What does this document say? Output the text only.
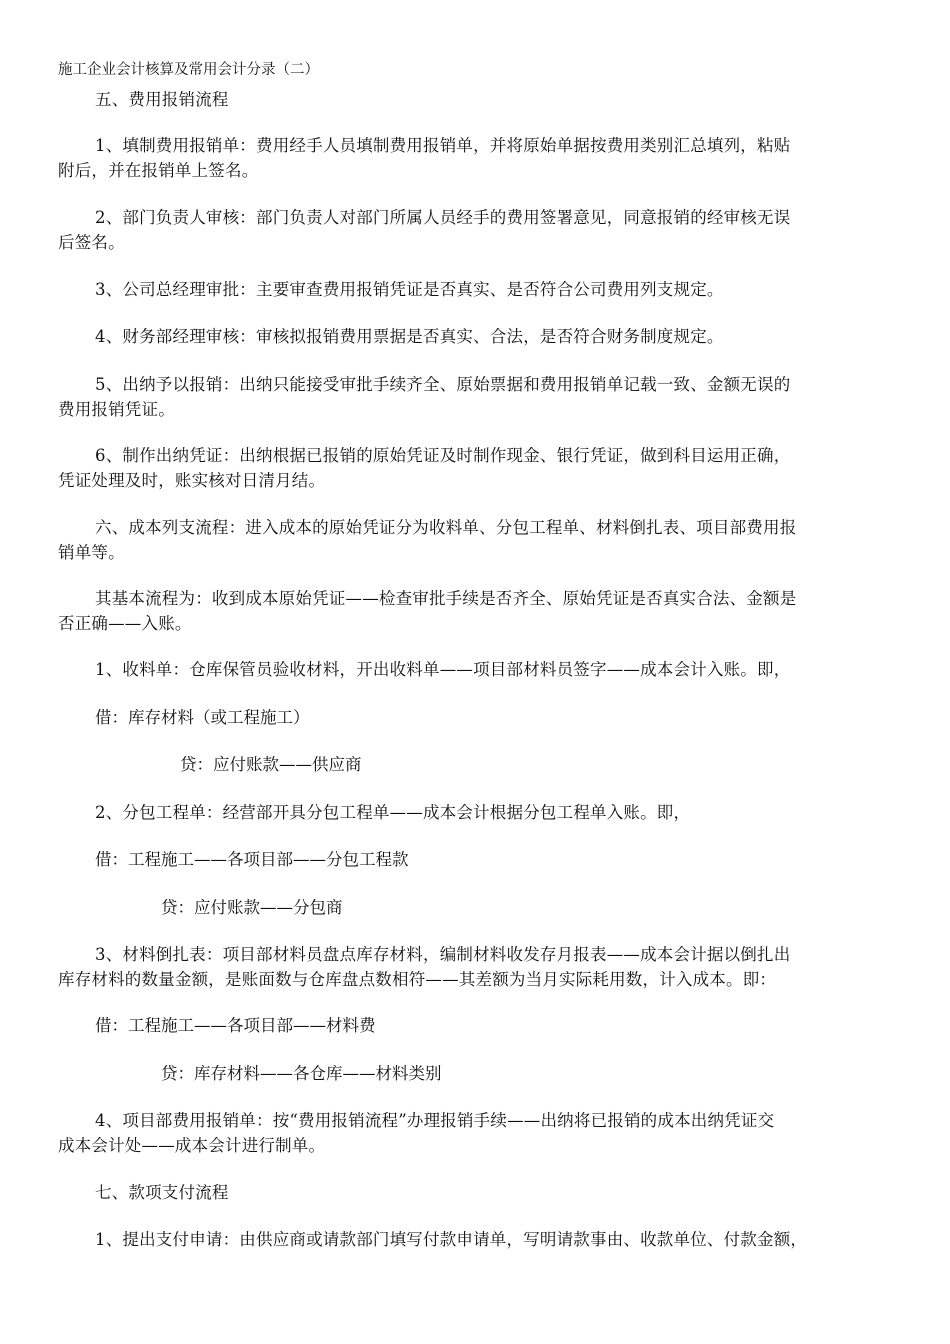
施工企业会计核算及常用会计分录（二）

五、费用报销流程

1、填制费用报销单：费用经手人员填制费用报销单，并将原始单据按费用类别汇总填列，粘贴
附后，并在报销单上签名。

2、部门负责人审核：部门负责人对部门所属人员经手的费用签署意见，同意报销的经审核无误
后签名。

3、公司总经理审批：主要审查费用报销凭证是否真实、是否符合公司费用列支规定。

4、财务部经理审核：审核拟报销费用票据是否真实、合法，是否符合财务制度规定。

5、出纳予以报销：出纳只能接受审批手续齐全、原始票据和费用报销单记载一致、金额无误的
费用报销凭证。

6、制作出纳凭证：出纳根据已报销的原始凭证及时制作现金、银行凭证，做到科目运用正确，
凭证处理及时，账实核对日清月结。

六、成本列支流程：进入成本的原始凭证分为收料单、分包工程单、材料倒扎表、项目部费用报
销单等。

其基本流程为：收到成本原始凭证——检查审批手续是否齐全、原始凭证是否真实合法、金额是
否正确——入账。

1、收料单：仓库保管员验收材料，开出收料单——项目部材料员签字——成本会计入账。即，

借：库存材料（或工程施工）

贷：应付账款——供应商

2、分包工程单：经营部开具分包工程单——成本会计根据分包工程单入账。即，

借：工程施工——各项目部——分包工程款

贷：应付账款——分包商

3、材料倒扎表：项目部材料员盘点库存材料，编制材料收发存月报表——成本会计据以倒扎出
库存材料的数量金额，是账面数与仓库盘点数相符——其差额为当月实际耗用数，计入成本。即：

借：工程施工——各项目部——材料费

贷：库存材料——各仓库——材料类别

4、项目部费用报销单：按“费用报销流程”办理报销手续——出纳将已报销的成本出纳凭证交
成本会计处——成本会计进行制单。

七、款项支付流程

1、提出支付申请：由供应商或请款部门填写付款申请单，写明请款事由、收款单位、付款金额，
